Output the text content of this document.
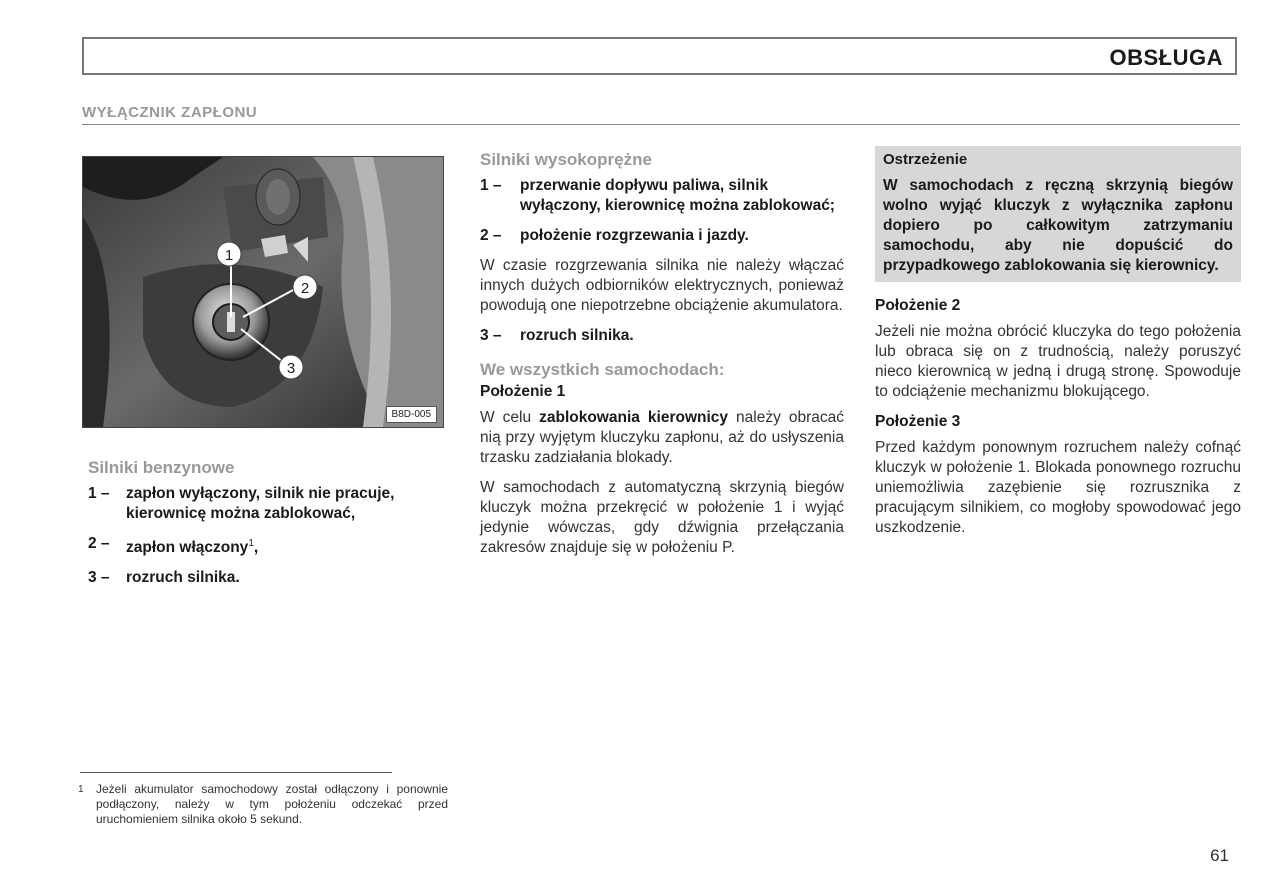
OBSŁUGA
WYŁĄCZNIK ZAPŁONU
1
2
3
B8D-005
Silniki benzynowe
1 –	zapłon wyłączony, silnik nie pracuje, kierownicę można zablokować,
2 –	zapłon włączony$^1$,
3 –	rozruch silnika.
Silniki wysokoprężne
1 –	przerwanie dopływu paliwa, silnik wyłączony, kierownicę można zablokować;
2 –	położenie rozgrzewania i jazdy.

W czasie rozgrzewania silnika nie należy włączać innych dużych odbiorników elektrycznych, ponieważ powodują one niepotrzebne obciążenie akumulatora.

3 –	rozruch silnika.
We wszystkich samochodach:
Położenie 1

W celu zablokowania kierownicy należy obracać nią przy wyjętym kluczyku zapłonu, aż do usłyszenia trzasku zadziałania blokady.

W samochodach z automatyczną skrzynią biegów kluczyk można przekręcić w położenie 1 i wyjąć jedynie wówczas, gdy dźwignia przełączania zakresów znajduje się w położeniu P.

Ostrzeżenie
W samochodach z ręczną skrzynią biegów wolno wyjąć kluczyk z wyłącznika zapłonu dopiero po całkowitym zatrzymaniu samochodu, aby nie dopuścić do przypadkowego zablokowania się kierownicy.
Położenie 2

Jeżeli nie można obrócić kluczyka do tego położenia lub obraca się on z trudnością, należy poruszyć nieco kierownicą w jedną i drugą stronę. Spowoduje to odciążenie mechanizmu blokującego.

Położenie 3

Przed każdym ponownym rozruchem należy cofnąć kluczyk w położenie 1. Blokada ponownego rozruchu uniemożliwia zazębienie się rozrusznika z pracującym silnikiem, co mogłoby spowodować jego uszkodzenie.

1	Jeżeli akumulator samochodowy został odłączony i ponownie podłączony, należy w tym położeniu odczekać przed uruchomieniem silnika około 5 sekund.
61
